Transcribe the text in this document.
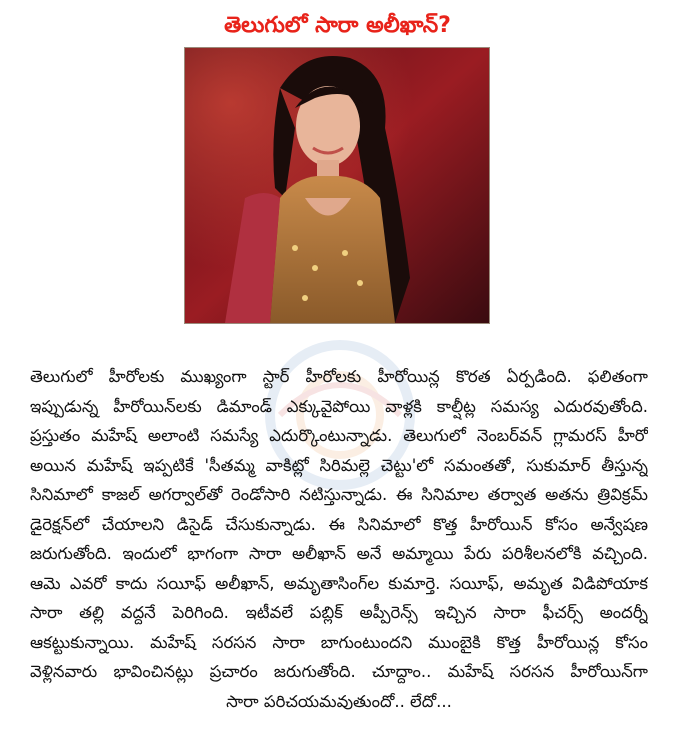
తెలుగులో సారా అలీఖాన్?
తెలుగులో హీరోలకు ముఖ్యంగా స్టార్ హీరోలకు హీరోయిన్ల కొరత ఏర్పడింది. ఫలితంగా
ఇప్పుడున్న హీరోయిన్‌లకు డిమాండ్ ఎక్కువైపోయి వాళ్లకి కాల్షీట్ల సమస్య ఎదురవుతోంది.
ప్రస్తుతం మహేష్ అలాంటి సమస్యే ఎదుర్కొంటున్నాడు. తెలుగులో నెంబర్‌వన్ గ్లామరస్ హీరో
అయిన మహేష్ ఇప్పటికే 'సీతమ్మ వాకిట్లో సిరిమల్లె చెట్టు'లో సమంతతో, సుకుమార్ తీస్తున్న
సినిమాలో కాజల్ అగర్వాల్‌తో రెండోసారి నటిస్తున్నాడు. ఈ సినిమాల తర్వాత అతను త్రివిక్రమ్
డైరెక్షన్‌లో చేయాలని డిసైడ్ చేసుకున్నాడు. ఈ సినిమాలో కొత్త హీరోయిన్ కోసం అన్వేషణ
జరుగుతోంది. ఇందులో భాగంగా సారా అలీఖాన్ అనే అమ్మాయి పేరు పరిశీలనలోకి వచ్చింది.
ఆమె ఎవరో కాదు సయీఫ్ అలీఖాన్, అమృతాసింగ్‌ల కుమార్తె. సయీఫ్, అమృత విడిపోయాక
సారా తల్లి వద్దనే పెరిగింది. ఇటీవలే పబ్లిక్ అప్పీరెన్స్ ఇచ్చిన సారా ఫీచర్స్ అందర్నీ
ఆకట్టుకున్నాయి. మహేష్ సరసన సారా బాగుంటుందని ముంబైకి కొత్త హీరోయిన్ల కోసం
వెళ్లినవారు భావించినట్లు ప్రచారం జరుగుతోంది. చూద్దాం.. మహేష్ సరసన హీరోయిన్‌గా
సారా పరిచయమవుతుందో.. లేదో...
